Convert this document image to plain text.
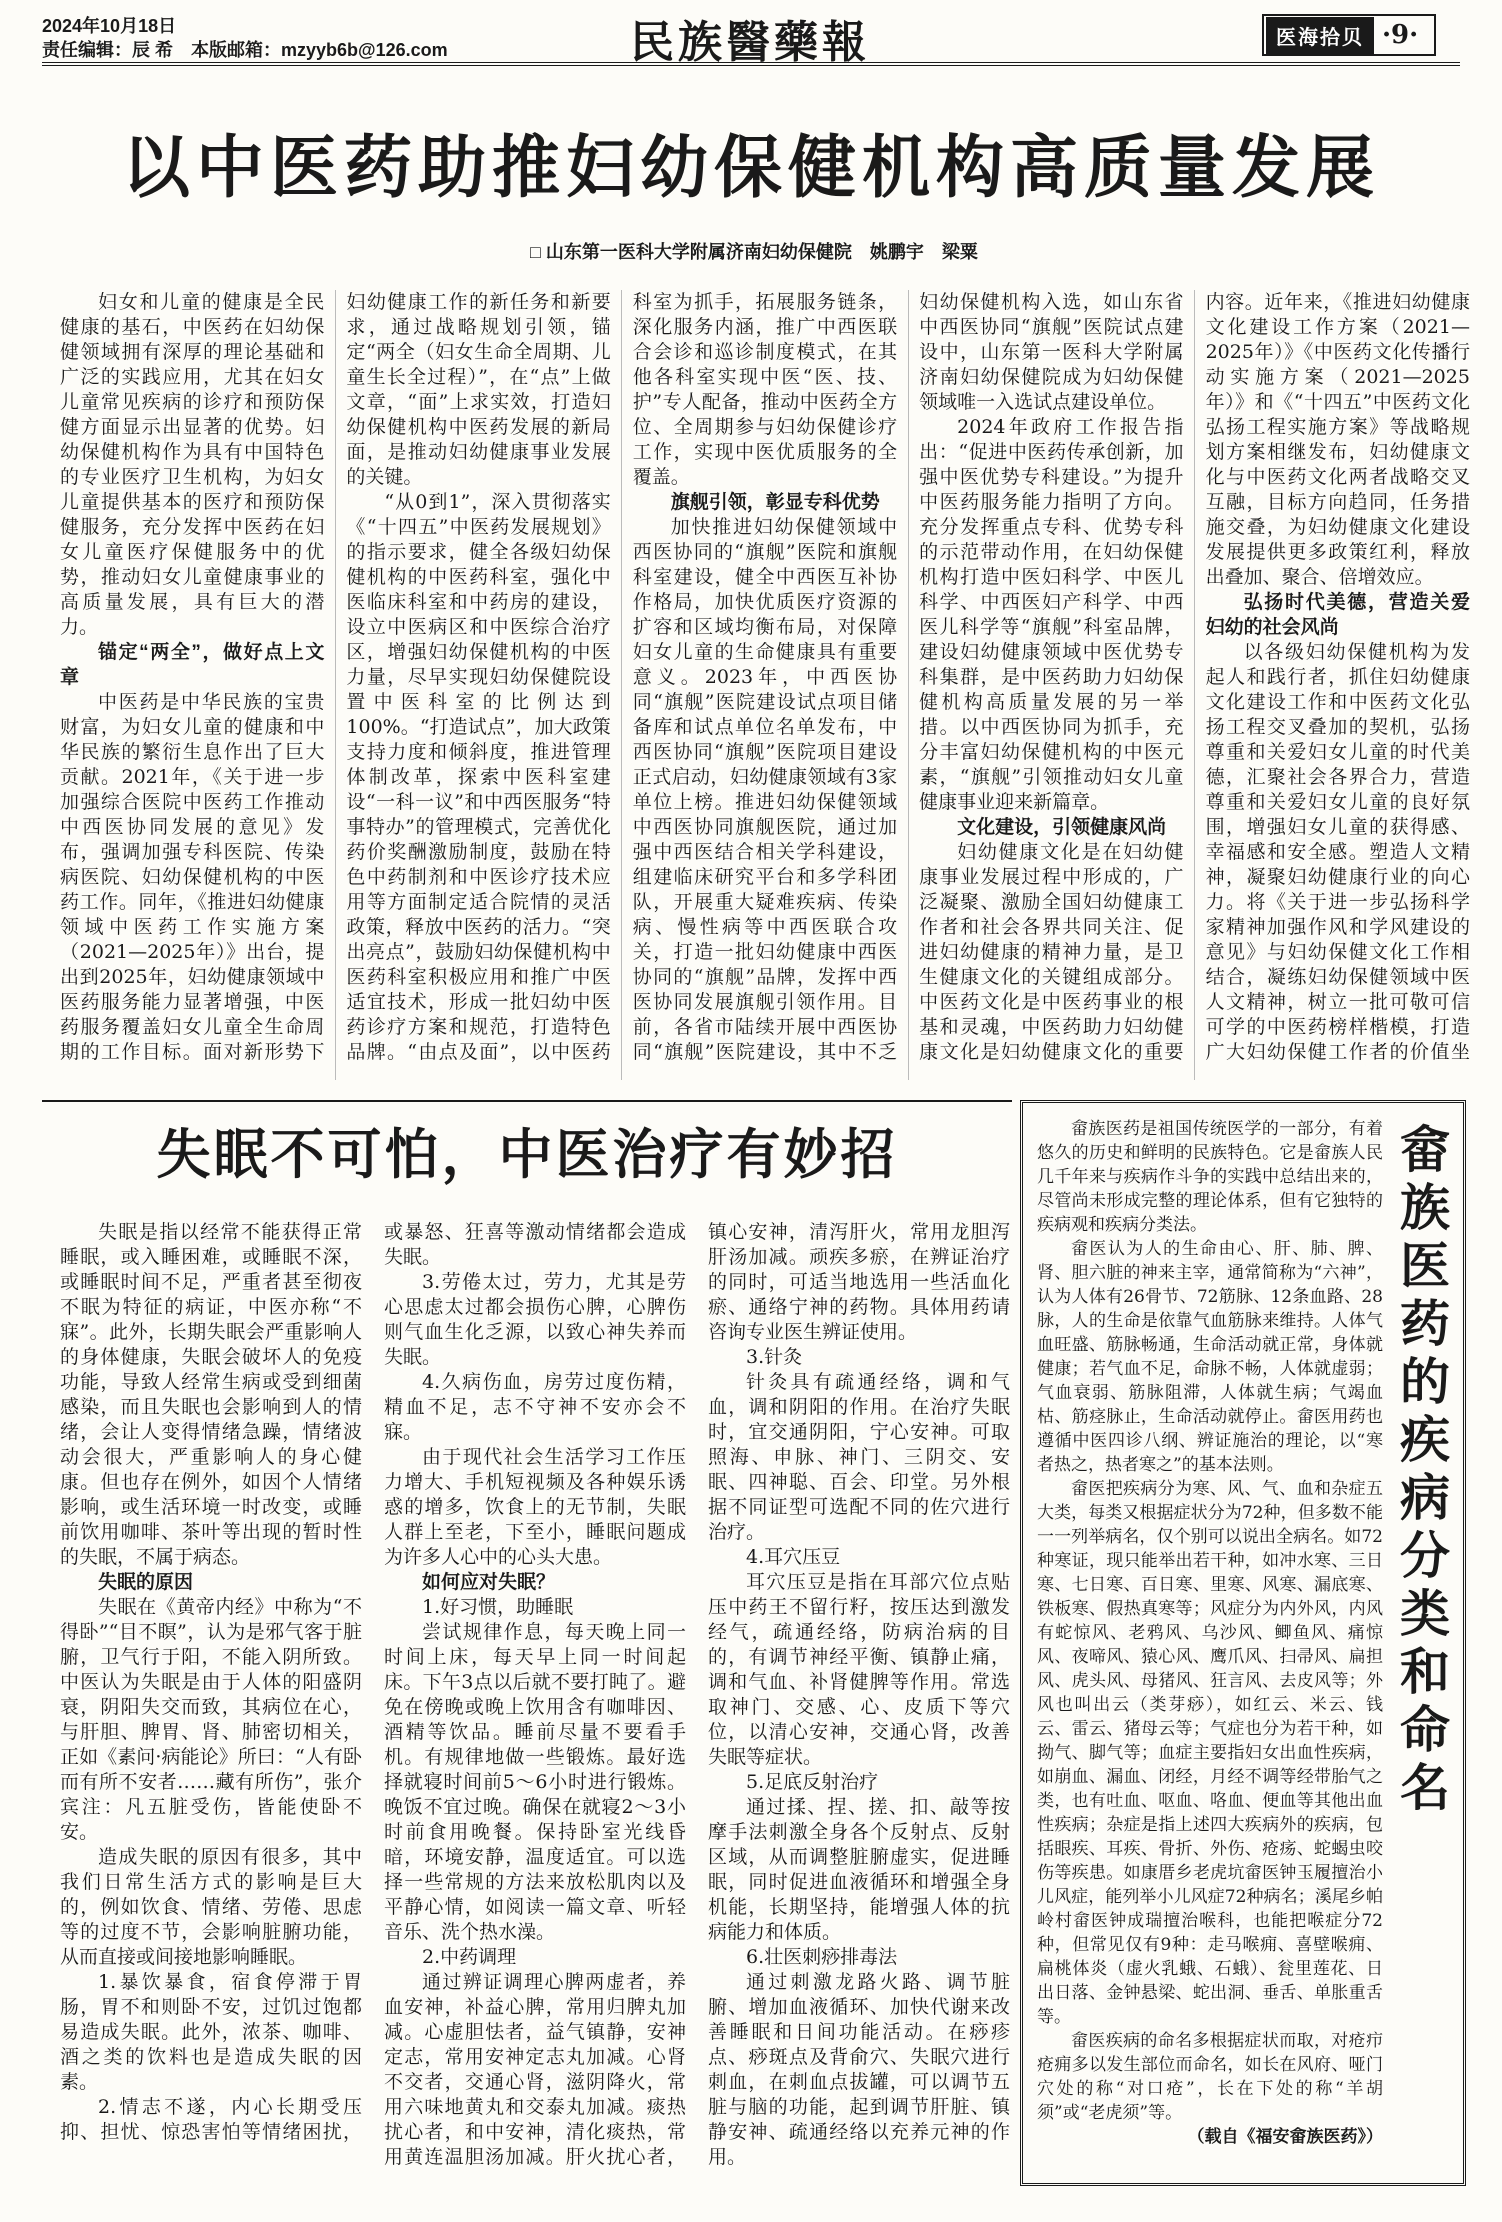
2024年10月18日
责任编辑：辰 希　本版邮箱：mzyyb6b@126.com	民族醫藥報	医海拾贝 ·9·
以中医药助推妇幼保健机构高质量发展
□ 山东第一医科大学附属济南妇幼保健院　姚鹏宇　梁粟

妇女和儿童的健康是全民健康的基石，中医药在妇幼保健领域拥有深厚的理论基础和广泛的实践应用，尤其在妇女儿童常见疾病的诊疗和预防保健方面显示出显著的优势。妇幼保健机构作为具有中国特色的专业医疗卫生机构，为妇女儿童提供基本的医疗和预防保健服务，充分发挥中医药在妇女儿童医疗保健服务中的优势，推动妇女儿童健康事业的高质量发展，具有巨大的潜力。

锚定“两全”，做好点上文章

中医药是中华民族的宝贵财富，为妇女儿童的健康和中华民族的繁衍生息作出了巨大贡献。2021年，《关于进一步加强综合医院中医药工作推动中西医协同发展的意见》发布，强调加强专科医院、传染病医院、妇幼保健机构的中医药工作。同年，《推进妇幼健康领域中医药工作实施方案（2021—2025年）》出台，提出到2025年，妇幼健康领域中医药服务能力显著增强，中医药服务覆盖妇女儿童全生命周期的工作目标。面对新形势下妇幼健康工作的新任务和新要求，通过战略规划引领，锚定“两全（妇女生命全周期、儿童生长全过程）”，在“点”上做文章，“面”上求实效，打造妇幼保健机构中医药发展的新局面，是推动妇幼健康事业发展的关键。

“从0到1”，深入贯彻落实《“十四五”中医药发展规划》的指示要求，健全各级妇幼保健机构的中医药科室，强化中医临床科室和中药房的建设，设立中医病区和中医综合治疗区，增强妇幼保健机构的中医力量，尽早实现妇幼保健院设置中医科室的比例达到100%。“打造试点”，加大政策支持力度和倾斜度，推进管理体制改革，探索中医科室建设“一科一议”和中西医服务“特事特办”的管理模式，完善优化药价奖酬激励制度，鼓励在特色中药制剂和中医诊疗技术应用等方面制定适合院情的灵活政策，释放中医药的活力。“突出亮点”，鼓励妇幼保健机构中医药科室积极应用和推广中医适宜技术，形成一批妇幼中医药诊疗方案和规范，打造特色品牌。“由点及面”，以中医药科室为抓手，拓展服务链条，深化服务内涵，推广中西医联合会诊和巡诊制度模式，在其他各科室实现中医“医、技、护”专人配备，推动中医药全方位、全周期参与妇幼保健诊疗工作，实现中医优质服务的全覆盖。

旗舰引领，彰显专科优势

加快推进妇幼保健领域中西医协同的“旗舰”医院和旗舰科室建设，健全中西医互补协作格局，加快优质医疗资源的扩容和区域均衡布局，对保障妇女儿童的生命健康具有重要意义。2023年，中西医协同“旗舰”医院建设试点项目储备库和试点单位名单发布，中西医协同“旗舰”医院项目建设正式启动，妇幼健康领域有3家单位上榜。推进妇幼保健领域中西医协同旗舰医院，通过加强中西医结合相关学科建设，组建临床研究平台和多学科团队，开展重大疑难疾病、传染病、慢性病等中西医联合攻关，打造一批妇幼健康中西医协同的“旗舰”品牌，发挥中西医协同发展旗舰引领作用。目前，各省市陆续开展中西医协同“旗舰”医院建设，其中不乏妇幼保健机构入选，如山东省中西医协同“旗舰”医院试点建设中，山东第一医科大学附属济南妇幼保健院成为妇幼保健领域唯一入选试点建设单位。

2024年政府工作报告指出：“促进中医药传承创新，加强中医优势专科建设。”为提升中医药服务能力指明了方向。充分发挥重点专科、优势专科的示范带动作用，在妇幼保健机构打造中医妇科学、中医儿科学、中西医妇产科学、中西医儿科学等“旗舰”科室品牌，建设妇幼健康领域中医优势专科集群，是中医药助力妇幼保健机构高质量发展的另一举措。以中西医协同为抓手，充分丰富妇幼保健机构的中医元素，“旗舰”引领推动妇女儿童健康事业迎来新篇章。

文化建设，引领健康风尚

妇幼健康文化是在妇幼健康事业发展过程中形成的，广泛凝聚、激励全国妇幼健康工作者和社会各界共同关注、促进妇幼健康的精神力量，是卫生健康文化的关键组成部分。中医药文化是中医药事业的根基和灵魂，中医药助力妇幼健康文化是妇幼健康文化的重要内容。近年来，《推进妇幼健康文化建设工作方案（2021—2025年）》《中医药文化传播行动实施方案（2021—2025年）》和《“十四五”中医药文化弘扬工程实施方案》等战略规划方案相继发布，妇幼健康文化与中医药文化两者战略交叉互融，目标方向趋同，任务措施交叠，为妇幼健康文化建设发展提供更多政策红利，释放出叠加、聚合、倍增效应。

弘扬时代美德，营造关爱妇幼的社会风尚

以各级妇幼保健机构为发起人和践行者，抓住妇幼健康文化建设工作和中医药文化弘扬工程交叉叠加的契机，弘扬尊重和关爱妇女儿童的时代美德，汇聚社会各界合力，营造尊重和关爱妇女儿童的良好氛围，增强妇女儿童的获得感、幸福感和安全感。塑造人文精神，凝聚妇幼健康行业的向心力。将《关于进一步弘扬科学家精神加强作风和学风建设的意见》与妇幼保健文化工作相结合，凝练妇幼保健领域中医人文精神，树立一批可敬可信可学的中医药榜样楷模，打造广大妇幼保健工作者的价值坐

失眠不可怕，中医治疗有妙招

失眠是指以经常不能获得正常睡眠，或入睡困难，或睡眠不深，或睡眠时间不足，严重者甚至彻夜不眠为特征的病证，中医亦称“不寐”。此外，长期失眠会严重影响人的身体健康，失眠会破坏人的免疫功能，导致人经常生病或受到细菌感染，而且失眠也会影响到人的情绪，会让人变得情绪急躁，情绪波动会很大，严重影响人的身心健康。但也存在例外，如因个人情绪影响，或生活环境一时改变，或睡前饮用咖啡、茶叶等出现的暂时性的失眠，不属于病态。

失眠的原因

失眠在《黄帝内经》中称为“不得卧”“目不瞑”，认为是邪气客于脏腑，卫气行于阳，不能入阴所致。中医认为失眠是由于人体的阳盛阴衰，阴阳失交而致，其病位在心，与肝胆、脾胃、肾、肺密切相关，正如《素问·病能论》所曰：“人有卧而有所不安者……藏有所伤”，张介宾注：凡五脏受伤，皆能使卧不安。

造成失眠的原因有很多，其中我们日常生活方式的影响是巨大的，例如饮食、情绪、劳倦、思虑等的过度不节，会影响脏腑功能，从而直接或间接地影响睡眠。

1.暴饮暴食，宿食停滞于胃肠，胃不和则卧不安，过饥过饱都易造成失眠。此外，浓茶、咖啡、酒之类的饮料也是造成失眠的因素。

2.情志不遂，内心长期受压抑、担忧、惊恐害怕等情绪困扰，或暴怒、狂喜等激动情绪都会造成失眠。

3.劳倦太过，劳力，尤其是劳心思虑太过都会损伤心脾，心脾伤则气血生化乏源，以致心神失养而失眠。

4.久病伤血，房劳过度伤精，精血不足，志不守神不安亦会不寐。

由于现代社会生活学习工作压力增大、手机短视频及各种娱乐诱惑的增多，饮食上的无节制，失眠人群上至老，下至小，睡眠问题成为许多人心中的心头大患。

如何应对失眠？

1.好习惯，助睡眠

尝试规律作息，每天晚上同一时间上床，每天早上同一时间起床。下午3点以后就不要打盹了。避免在傍晚或晚上饮用含有咖啡因、酒精等饮品。睡前尽量不要看手机。有规律地做一些锻炼。最好选择就寝时间前5～6小时进行锻炼。晚饭不宜过晚。确保在就寝2～3小时前食用晚餐。保持卧室光线昏暗，环境安静，温度适宜。可以选择一些常规的方法来放松肌肉以及平静心情，如阅读一篇文章、听轻音乐、洗个热水澡。

2.中药调理

通过辨证调理心脾两虚者，养血安神，补益心脾，常用归脾丸加减。心虚胆怯者，益气镇静，安神定志，常用安神定志丸加减。心肾不交者，交通心肾，滋阴降火，常用六味地黄丸和交泰丸加减。痰热扰心者，和中安神，清化痰热，常用黄连温胆汤加减。肝火扰心者，镇心安神，清泻肝火，常用龙胆泻肝汤加减。顽疾多瘀，在辨证治疗的同时，可适当地选用一些活血化瘀、通络宁神的药物。具体用药请咨询专业医生辨证使用。

3.针灸

针灸具有疏通经络，调和气血，调和阴阳的作用。在治疗失眠时，宜交通阴阳，宁心安神。可取照海、申脉、神门、三阴交、安眠、四神聪、百会、印堂。另外根据不同证型可选配不同的佐穴进行治疗。

4.耳穴压豆

耳穴压豆是指在耳部穴位点贴压中药王不留行籽，按压达到激发经气，疏通经络，防病治病的目的，有调节神经平衡、镇静止痛，调和气血、补肾健脾等作用。常选取神门、交感、心、皮质下等穴位，以清心安神，交通心肾，改善失眠等症状。

5.足底反射治疗

通过揉、捏、搓、扣、敲等按摩手法刺激全身各个反射点、反射区域，从而调整脏腑虚实，促进睡眠，同时促进血液循环和增强全身机能，长期坚持，能增强人体的抗病能力和体质。

6.壮医刺痧排毒法

通过刺激龙路火路、调节脏腑、增加血液循环、加快代谢来改善睡眠和日间功能活动。在痧疹点、痧斑点及背俞穴、失眠穴进行刺血，在刺血点拔罐，可以调节五脏与脑的功能，起到调节肝脏、镇静安神、疏通经络以充养元神的作用。

畲族医药的疾病分类和命名

畲族医药是祖国传统医学的一部分，有着悠久的历史和鲜明的民族特色。它是畲族人民几千年来与疾病作斗争的实践中总结出来的，尽管尚未形成完整的理论体系，但有它独特的疾病观和疾病分类法。

畲医认为人的生命由心、肝、肺、脾、肾、胆六脏的神来主宰，通常简称为“六神”，认为人体有26骨节、72筋脉、12条血路、28脉，人的生命是依靠气血筋脉来维持。人体气血旺盛、筋脉畅通，生命活动就正常，身体就健康；若气血不足，命脉不畅，人体就虚弱；气血衰弱、筋脉阻滞，人体就生病；气竭血枯、筋痉脉止，生命活动就停止。畲医用药也遵循中医四诊八纲、辨证施治的理论，以“寒者热之，热者寒之”的基本法则。

畲医把疾病分为寒、风、气、血和杂症五大类，每类又根据症状分为72种，但多数不能一一列举病名，仅个别可以说出全病名。如72种寒证，现只能举出若干种，如冲水寒、三日寒、七日寒、百日寒、里寒、风寒、漏底寒、铁板寒、假热真寒等；风症分为内外风，内风有蛇惊风、老鸦风、乌沙风、鲫鱼风、痛惊风、夜啼风、猿心风、鹰爪风、扫帚风、扁担风、虎头风、母猪风、狂言风、去皮风等；外风也叫出云（类芽痧），如红云、米云、钱云、雷云、猪母云等；气症也分为若干种，如拗气、脚气等；血症主要指妇女出血性疾病，如崩血、漏血、闭经，月经不调等经带胎气之类，也有吐血、呕血、咯血、便血等其他出血性疾病；杂症是指上述四大疾病外的疾病，包括眼疾、耳疾、骨折、外伤、疮疡、蛇蝎虫咬伤等疾患。如康厝乡老虎坑畲医钟玉履擅治小儿风症，能列举小儿风症72种病名；溪尾乡帕岭村畲医钟成瑞擅治喉科，也能把喉症分72种，但常见仅有9种：走马喉痈、喜壁喉痈、扁桃体炎（虚火乳蛾、石蛾）、瓮里莲花、日出日落、金钟悬梁、蛇出洞、垂舌、单胀重舌等。

畲医疾病的命名多根据症状而取，对疮疖疮痈多以发生部位而命名，如长在风府、哑门穴处的称“对口疮”，长在下处的称“羊胡须”或“老虎须”等。

（载自《福安畲族医药》）
